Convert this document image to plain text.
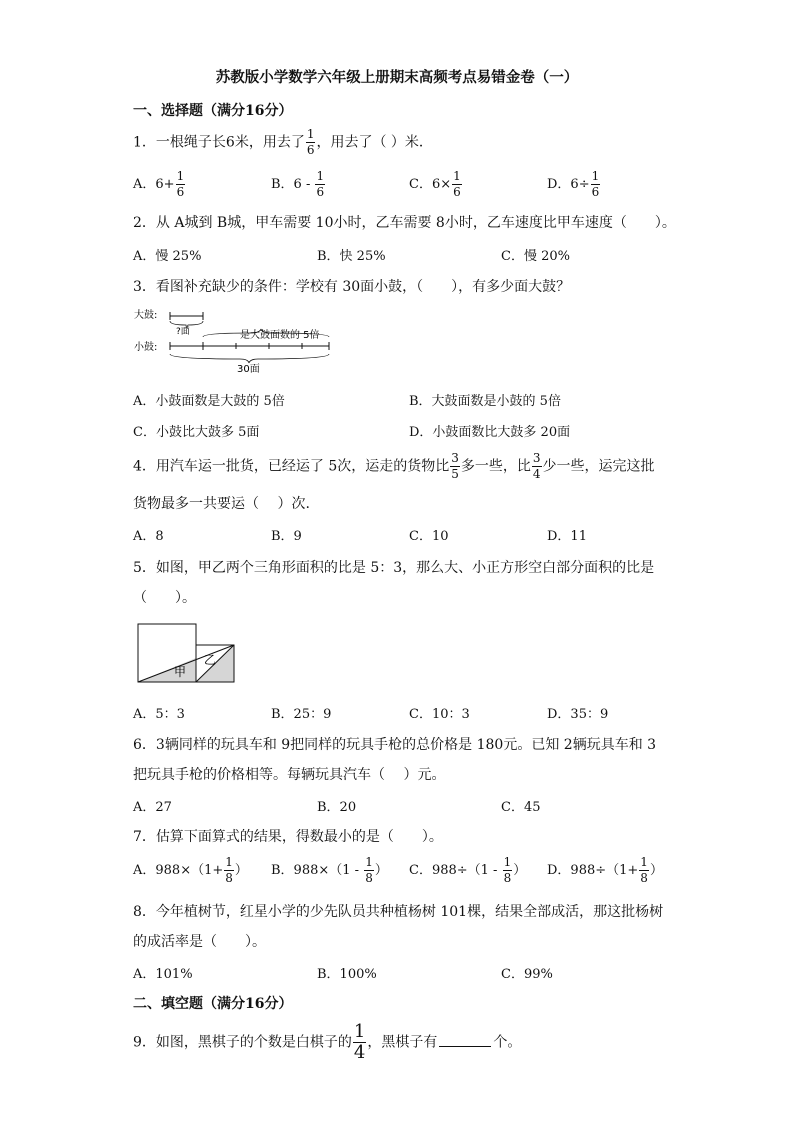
苏教版小学数学六年级上册期末高频考点易错金卷（一）
一、选择题（满分16分）
1．一根绳子长6米，用去了 $\frac{1}{6}$ ，用去了（ ）米．
A．$6+ \frac{1}{6}$	B．$6 - \frac{1}{6}$	C．$6\times \frac{1}{6}$	D．$6\div \frac{1}{6}$
2．从 A城到 B城，甲车需要 10小时，乙车需要 8小时，乙车速度比甲车速度（　　）。
A．慢 25%	B．快 25%	C．慢 20%
3．看图补充缺少的条件：学校有 30面小鼓，（　　），有多少面大鼓？
大鼓:
?面	是大鼓面数的 5倍
小鼓:
30面
A．小鼓面数是大鼓的 5倍	B．大鼓面数是小鼓的 5倍
C．小鼓比大鼓多 5面	D．小鼓面数比大鼓多 20面
4．用汽车运一批货，已经运了 5次，运走的货物比 $\frac{3}{5}$ 多一些，比 $\frac{3}{4}$ 少一些，运完这批
货物最多一共要运（　 ）次.
A．8	B．9	C．10	D．11
5．如图，甲乙两个三角形面积的比是 5：3，那么大、小正方形空白部分面积的比是
（　　）。
甲
乙
A．5：3	B．25：9	C．10：3	D．35：9
6．3辆同样的玩具车和 9把同样的玩具手枪的总价格是 180元。已知 2辆玩具车和 3
把玩具手枪的价格相等。每辆玩具汽车（　 ）元。
A．27	B．20	C．45
7．估算下面算式的结果，得数最小的是（　　）。
A．$988\times(1+ \frac{1}{8}$ ） B．$988\times(1 - \frac{1}{8}$ ） C．$988\div(1 - \frac{1}{8}$ ） D．$988\div(1+ \frac{1}{8}$ ）
8．今年植树节，红星小学的少先队员共种植杨树 101棵，结果全部成活，那这批杨树
的成活率是（　　）。
A．101%	B．100%	C．99%
二、填空题（满分16分）
9．如图，黑棋子的个数是白棋子的 $\frac{1}{4}$ ，黑棋子有	个。
